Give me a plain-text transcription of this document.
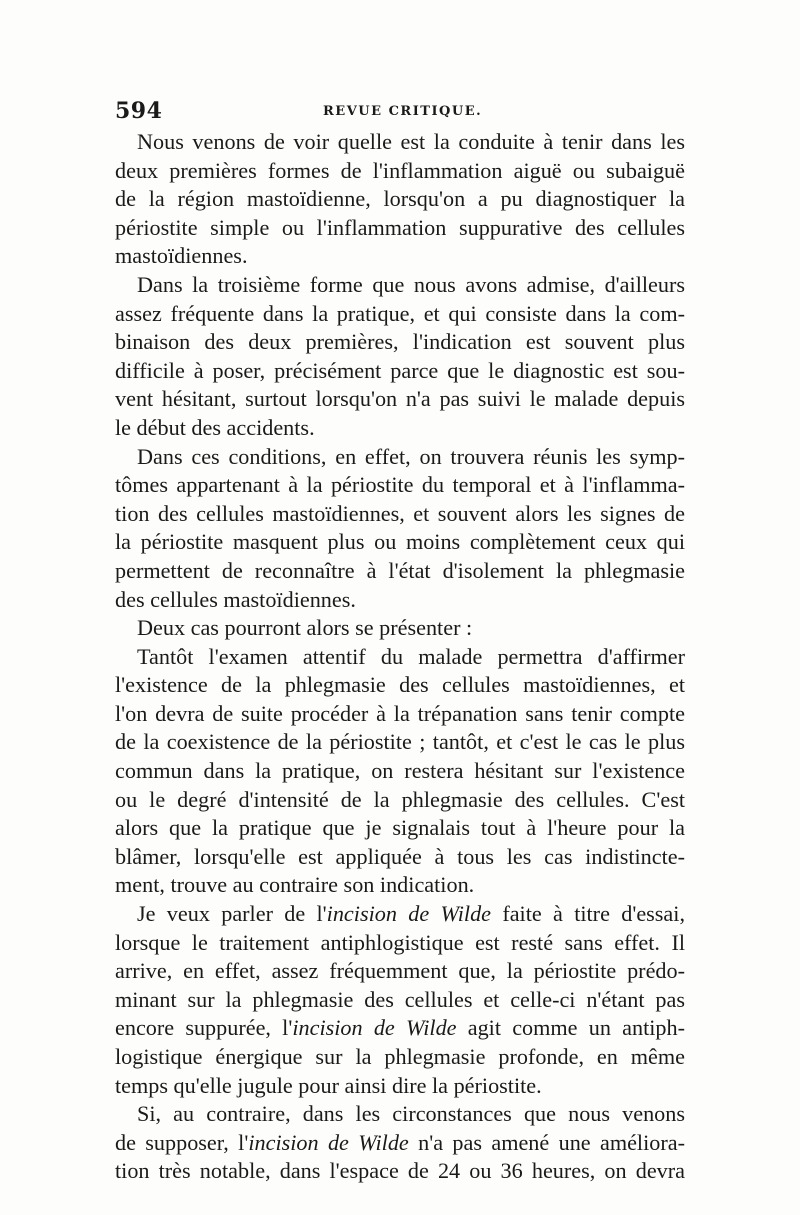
594	REVUE CRITIQUE.

Nous venons de voir quelle est la conduite à tenir dans les
deux premières formes de l'inflammation aiguë ou subaiguë
de la région mastoïdienne, lorsqu'on a pu diagnostiquer la
périostite simple ou l'inflammation suppurative des cellules
mastoïdiennes.

Dans la troisième forme que nous avons admise, d'ailleurs
assez fréquente dans la pratique, et qui consiste dans la com-
binaison des deux premières, l'indication est souvent plus
difficile à poser, précisément parce que le diagnostic est sou-
vent hésitant, surtout lorsqu'on n'a pas suivi le malade depuis
le début des accidents.

Dans ces conditions, en effet, on trouvera réunis les symp-
tômes appartenant à la périostite du temporal et à l'inflamma-
tion des cellules mastoïdiennes, et souvent alors les signes de
la périostite masquent plus ou moins complètement ceux qui
permettent de reconnaître à l'état d'isolement la phlegmasie
des cellules mastoïdiennes.

Deux cas pourront alors se présenter :

Tantôt l'examen attentif du malade permettra d'affirmer
l'existence de la phlegmasie des cellules mastoïdiennes, et
l'on devra de suite procéder à la trépanation sans tenir compte
de la coexistence de la périostite ; tantôt, et c'est le cas le plus
commun dans la pratique, on restera hésitant sur l'existence
ou le degré d'intensité de la phlegmasie des cellules. C'est
alors que la pratique que je signalais tout à l'heure pour la
blâmer, lorsqu'elle est appliquée à tous les cas indistincte-
ment, trouve au contraire son indication.

Je veux parler de l'incision de Wilde faite à titre d'essai,
lorsque le traitement antiphlogistique est resté sans effet. Il
arrive, en effet, assez fréquemment que, la périostite prédo-
minant sur la phlegmasie des cellules et celle-ci n'étant pas
encore suppurée, l'incision de Wilde agit comme un antiph-
logistique énergique sur la phlegmasie profonde, en même
temps qu'elle jugule pour ainsi dire la périostite.

Si, au contraire, dans les circonstances que nous venons
de supposer, l'incision de Wilde n'a pas amené une améliora-
tion très notable, dans l'espace de 24 ou 36 heures, on devra
